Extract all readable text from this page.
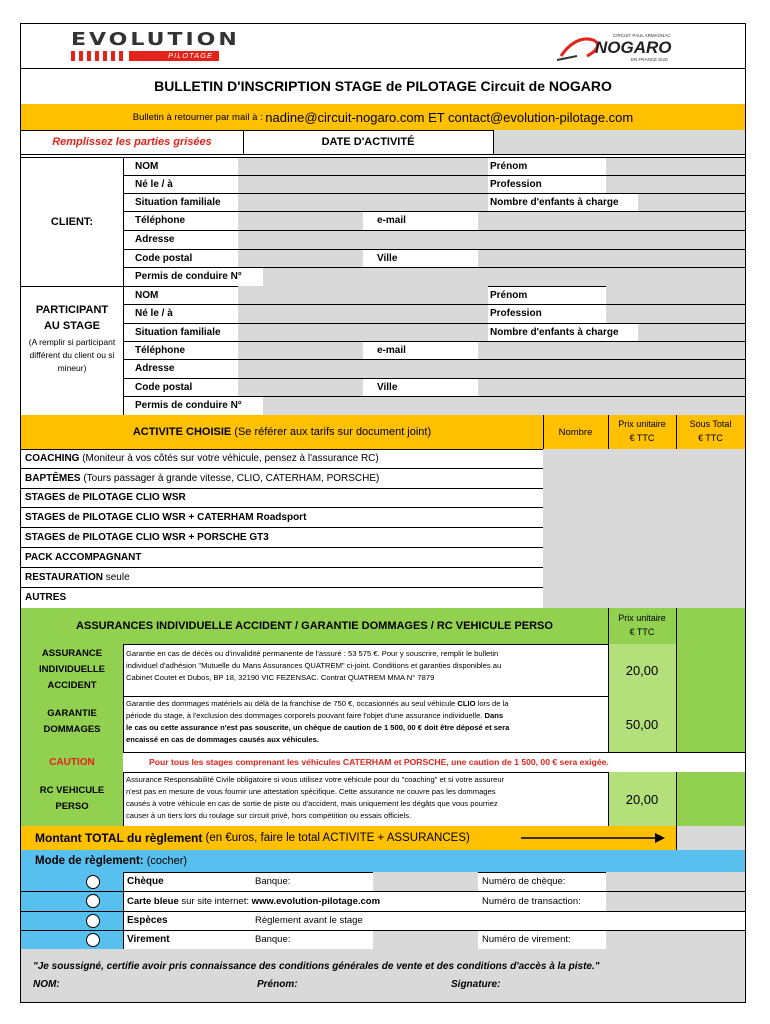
EVOLUTION
PILOTAGE
CIRCUIT PAUL ARMAGNAC
NOGARO
EN FRANCE SUD
BULLETIN D'INSCRIPTION STAGE de PILOTAGE Circuit de NOGARO
Bulletin à retourner par mail à : nadine@circuit-nogaro.com ET contact@evolution-pilotage.com
Remplissez les parties grisées	DATE D'ACTIVITÉ
CLIENT:
NOM	Prénom
Né le / à	Profession
Situation familiale	Nombre d'enfants à charge
Téléphone	e-mail
Adresse
Code postal	Ville
Permis de conduire N°
PARTICIPANT
AU STAGE
(A remplir si participant différent du client ou si mineur)
NOM	Prénom
Né le / à	Profession
Situation familiale	Nombre d'enfants à charge
Téléphone	e-mail
Adresse
Code postal	Ville
Permis de conduire N°
ACTIVITE CHOISIE (Se référer aux tarifs sur document joint)	Nombre
Prix unitaire
€ TTC
Sous Total
€ TTC
COACHING (Moniteur à vos côtés sur votre véhicule, pensez à l'assurance RC)
BAPTÊMES (Tours passager à grande vitesse, CLIO, CATERHAM, PORSCHE)
STAGES de PILOTAGE CLIO WSR
STAGES de PILOTAGE CLIO WSR + CATERHAM Roadsport
STAGES de PILOTAGE CLIO WSR + PORSCHE GT3
PACK ACCOMPAGNANT
RESTAURATION seule
AUTRES
ASSURANCES INDIVIDUELLE ACCIDENT / GARANTIE DOMMAGES / RC VEHICULE PERSO
Prix unitaire
€ TTC
ASSURANCE
INDIVIDUELLE
ACCIDENT
Garantie en cas de décès ou d'invalidité permanente de l'assuré : 53 575 €. Pour y souscrire, remplir le bulletin
individuel d'adhésion "Mutuelle du Mans Assurances QUATREM" ci-joint. Conditions et garanties disponibles au
Cabinet Coutet et Dubos, BP 18, 32190 VIC FEZENSAC. Contrat QUATREM MMA N° 7879	20,00
GARANTIE
DOMMAGES
Garantie des dommages matériels au délà de la franchise de 750 €, occasionnés au seul véhicule CLIO lors de la
période du stage, à l'exclusion des dommages corporels pouvant faire l'objet d'une assurance individuelle. Dans
le cas ou cette assurance n'est pas souscrite, un chèque de caution de 1 500, 00 € doit être déposé et sera
encaissé en cas de dommages causés aux véhicules.
50,00
CAUTION	Pour tous les stages comprenant les véhicules CATERHAM et PORSCHE, une caution de 1 500, 00 € sera exigée.
RC VEHICULE
PERSO
Assurance Responsabilité Civile obligatoire si vous utilisez votre véhicule pour du "coaching" et si votre assureur
n'est pas en mesure de vous fournir une attestation spécifique. Cette assurance ne couvre pas les dommages
causés à votre véhicule en cas de sortie de piste ou d'accident, mais uniquement les dégâts que vous pourriez
causer à un tiers lors du roulage sur circuit privé, hors compétition ou essais officiels.
20,00
Montant TOTAL du règlement (en €uros, faire le total ACTIVITE + ASSURANCES)
Mode de règlement: (cocher)
Chèque	Banque:	Numéro de chèque:
Carte bleue sur site internet: www.evolution-pilotage.com	Numéro de transaction:
Espèces	Règlement avant le stage
Virement	Banque:	Numéro de virement:
"Je soussigné, certifie avoir pris connaissance des conditions générales de vente et des conditions d'accès à la piste."
NOM:	Prénom:	Signature:
